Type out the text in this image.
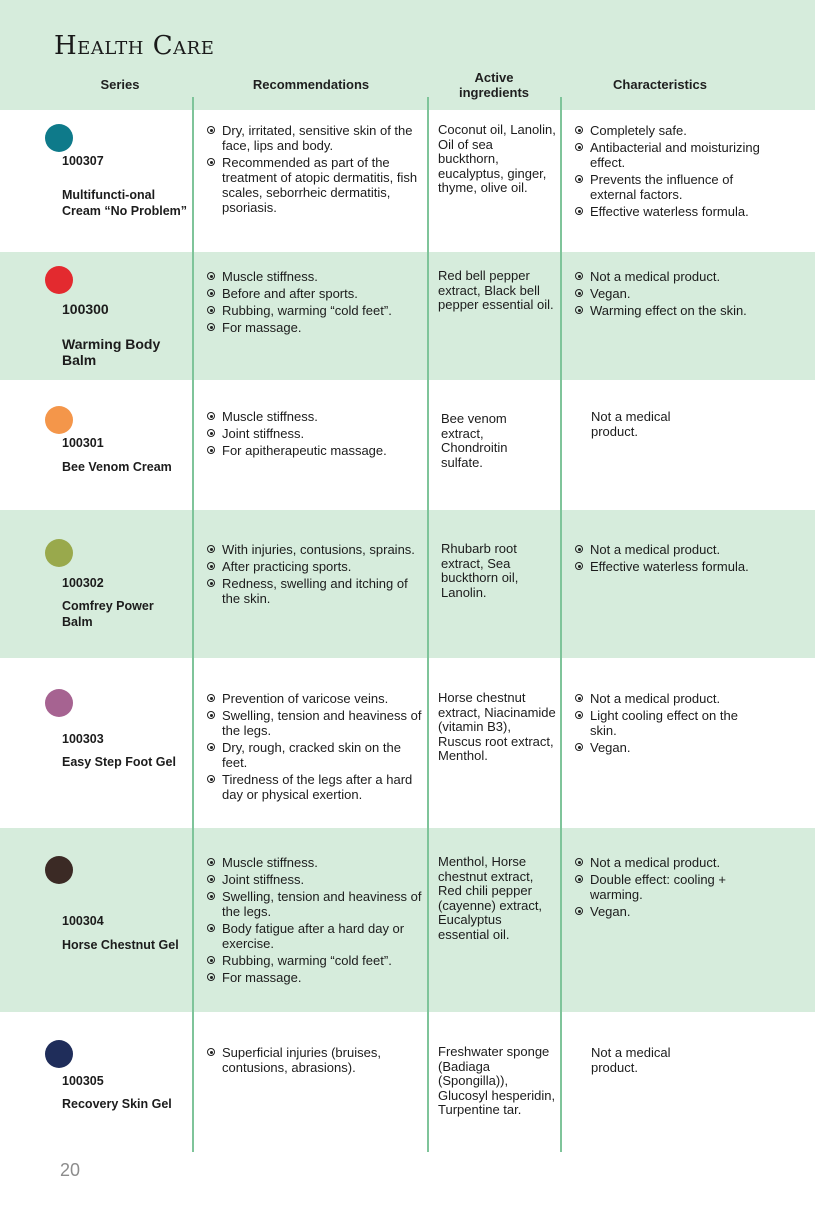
Health Care
Series	Recommendations	Active
ingredients
Characteristics
100307
Multifuncti-onal Cream “No Problem”
Dry, irritated, sensitive skin of the face, lips and body.
Recommended as part of the treatment of atopic dermatitis, fish scales, seborrheic dermatitis, psoriasis.
Coconut oil, Lanolin, Oil of sea buckthorn, eucalyptus, ginger, thyme, olive oil.
Completely safe.
Antibacterial and moisturizing effect.
Prevents the influence of external factors.
Effective waterless formula.
100300
Warming Body Balm
Muscle stiffness.
Before and after sports.
Rubbing, warming “cold feet”.
For massage.
Red bell pepper extract, Black bell pepper essential oil.
Not a medical product.
Vegan.
Warming effect on the skin.
100301
Bee Venom Cream
Muscle stiffness.
Joint stiffness.
For apitherapeutic massage.
Bee venom extract, Chondroitin sulfate.
Not a medical product.
100302
Comfrey Power Balm
With injuries, contusions, sprains.
After practicing sports.
Redness, swelling and itching of the skin.
Rhubarb root extract, Sea buckthorn oil, Lanolin.
Not a medical product.
Effective waterless formula.
100303
Easy Step Foot Gel
Prevention of varicose veins.
Swelling, tension and heaviness of the legs.
Dry, rough, cracked skin on the feet.
Tiredness of the legs after a hard day or physical exertion.
Horse chestnut extract, Niacinamide (vitamin B3), Ruscus root extract, Menthol.
Not a medical product.
Light cooling effect on the skin.
Vegan.
100304
Horse Chestnut Gel
Muscle stiffness.
Joint stiffness.
Swelling, tension and heaviness of the legs.
Body fatigue after a hard day or exercise.
Rubbing, warming “cold feet”.
For massage.
Menthol, Horse chestnut extract, Red chili pepper (cayenne) extract, Eucalyptus essential oil.
Not a medical product.
Double effect: cooling + warming.
Vegan.
100305
Recovery Skin Gel
Superficial injuries (bruises, contusions, abrasions).
Freshwater sponge (Badiaga (Spongilla)), Glucosyl hesperidin, Turpentine tar.
Not a medical product.
20
